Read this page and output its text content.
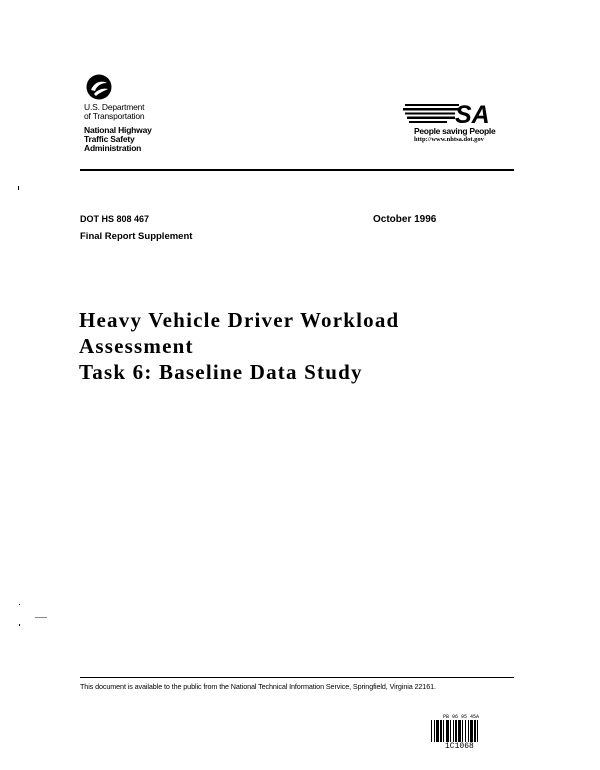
U.S. Department
of Transportation
National Highway
Traffic Safety
Administration
SA
People saving People
http://www.nhtsa.dot.gov
DOT HS 808 467
Final Report Supplement
October 1996
Heavy Vehicle Driver Workload
Assessment
Task 6: Baseline Data Study
This document is available to the public from the National Technical Information Service, Springfield, Virginia 22161.
PB 96 95 45A
1C1068
